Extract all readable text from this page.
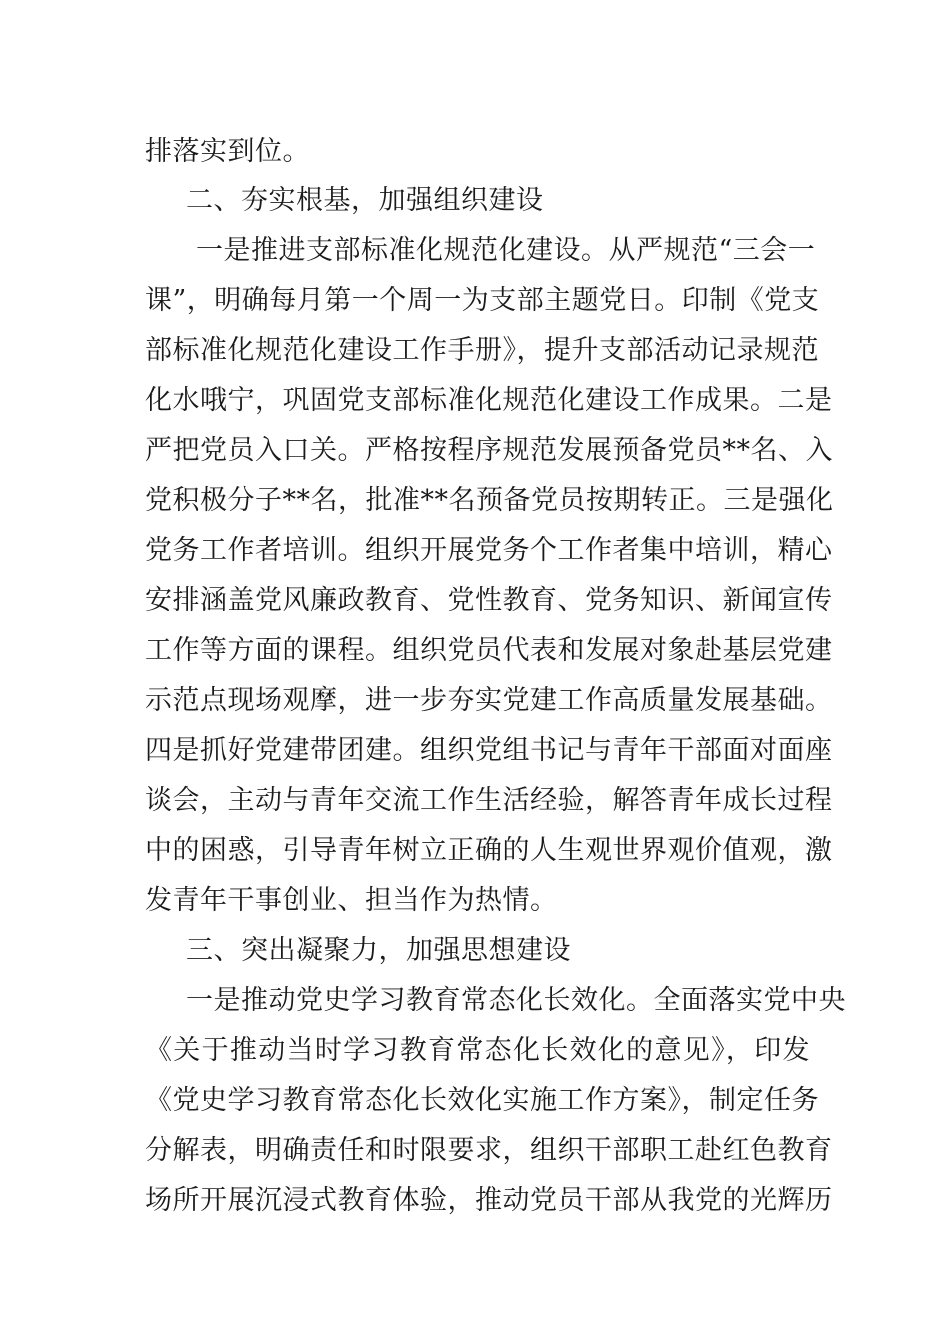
排落实到位。
二、夯实根基，加强组织建设
一是推进支部标准化规范化建设。从严规范“三会一
课”，明确每月第一个周一为支部主题党日。印制《党支
部标准化规范化建设工作手册》，提升支部活动记录规范
化水哦宁，巩固党支部标准化规范化建设工作成果。二是
严把党员入口关。严格按程序规范发展预备党员**名、入
党积极分子**名，批准**名预备党员按期转正。三是强化
党务工作者培训。组织开展党务个工作者集中培训，精心
安排涵盖党风廉政教育、党性教育、党务知识、新闻宣传
工作等方面的课程。组织党员代表和发展对象赴基层党建
示范点现场观摩，进一步夯实党建工作高质量发展基础。
四是抓好党建带团建。组织党组书记与青年干部面对面座
谈会，主动与青年交流工作生活经验，解答青年成长过程
中的困惑，引导青年树立正确的人生观世界观价值观，激
发青年干事创业、担当作为热情。
三、突出凝聚力，加强思想建设
一是推动党史学习教育常态化长效化。全面落实党中央
《关于推动当时学习教育常态化长效化的意见》，印发
《党史学习教育常态化长效化实施工作方案》，制定任务
分解表，明确责任和时限要求，组织干部职工赴红色教育
场所开展沉浸式教育体验，推动党员干部从我党的光辉历
